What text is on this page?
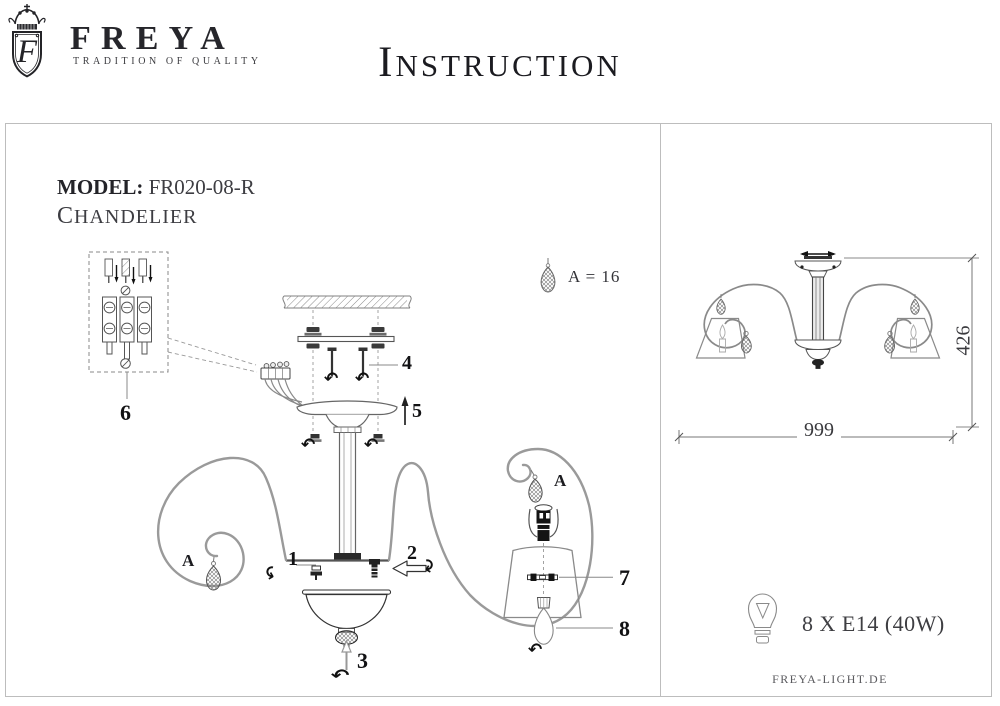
F FREYA
TRADITION OF QUALITY	INSTRUCTION
MODEL: FR020-08-R
CHANDELIER
A = 16
4
5
6
1	2
3
7
8
A
A
↶ ↶
↶	↶
↶	↷
↶
↶
426
999
8 X E14 (40W)
FREYA-LIGHT.DE
